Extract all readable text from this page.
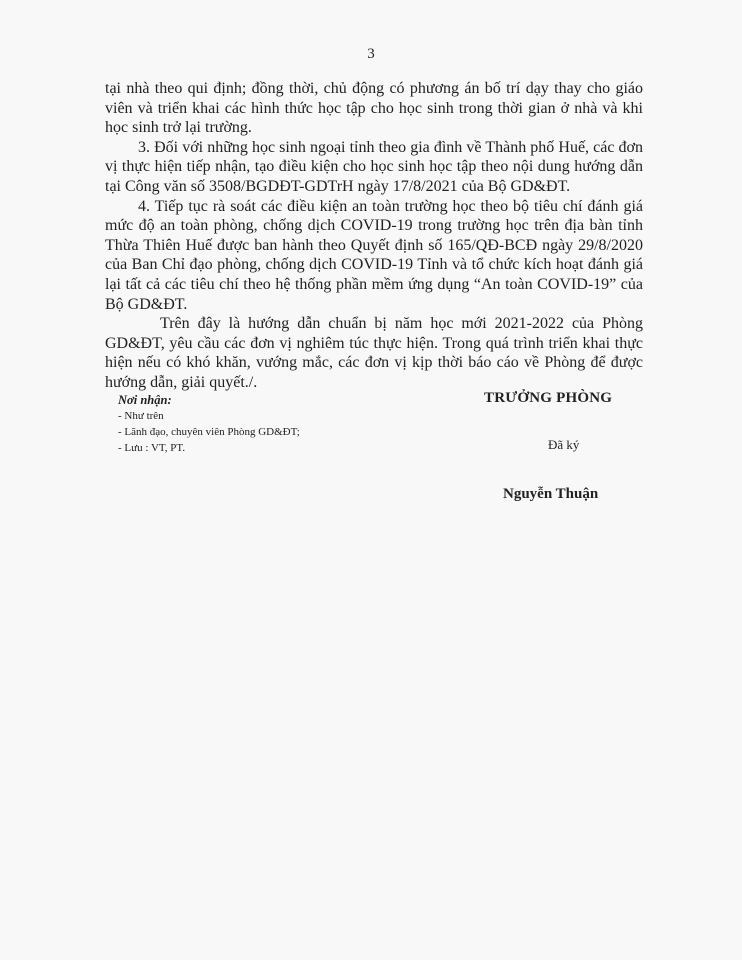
3

tại nhà theo qui định; đồng thời, chủ động có phương án bố trí dạy thay cho giáo viên và triển khai các hình thức học tập cho học sinh trong thời gian ở nhà và khi học sinh trở lại trường.

3. Đối với những học sinh ngoại tỉnh theo gia đình về Thành phố Huế, các đơn vị thực hiện tiếp nhận, tạo điều kiện cho học sinh học tập theo nội dung hướng dẫn tại Công văn số 3508/BGDĐT-GDTrH ngày 17/8/2021 của Bộ GD&ĐT.

4. Tiếp tục rà soát các điều kiện an toàn trường học theo bộ tiêu chí đánh giá mức độ an toàn phòng, chống dịch COVID-19 trong trường học trên địa bàn tỉnh Thừa Thiên Huế được ban hành theo Quyết định số 165/QĐ-BCĐ ngày 29/8/2020 của Ban Chỉ đạo phòng, chống dịch COVID-19 Tỉnh và tổ chức kích hoạt đánh giá lại tất cả các tiêu chí theo hệ thống phần mềm ứng dụng “An toàn COVID-19” của Bộ GD&ĐT.

Trên đây là hướng dẫn chuẩn bị năm học mới 2021-2022 của Phòng GD&ĐT, yêu cầu các đơn vị nghiêm túc thực hiện. Trong quá trình triển khai thực hiện nếu có khó khăn, vướng mắc, các đơn vị kịp thời báo cáo về Phòng để được hướng dẫn, giải quyết./.

Nơi nhận:
- Như trên
- Lãnh đạo, chuyên viên Phòng GD&ĐT;
- Lưu : VT, PT.
TRƯỞNG PHÒNG
Đã ký
Nguyễn Thuận
